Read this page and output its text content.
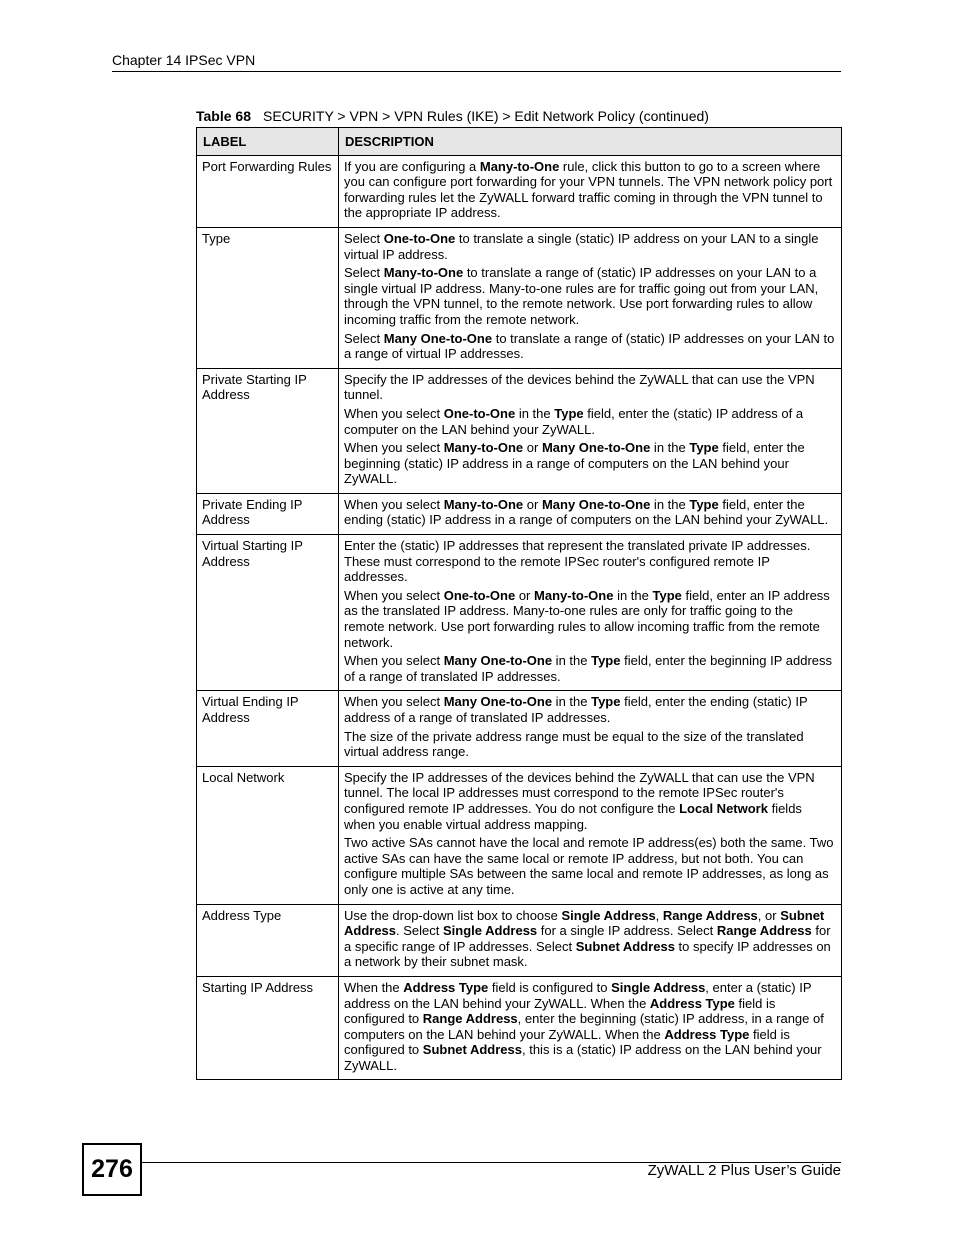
Chapter 14 IPSec VPN
Table 68 SECURITY > VPN > VPN Rules (IKE) > Edit Network Policy (continued)
LABEL	DESCRIPTION
Port Forwarding Rules	If you are configuring a Many-to-One rule, click this button to go to a screen where you can configure port forwarding for your VPN tunnels. The VPN network policy port forwarding rules let the ZyWALL forward traffic coming in through the VPN tunnel to the appropriate IP address.

Type	Select One-to-One to translate a single (static) IP address on your LAN to a single virtual IP address.

Select Many-to-One to translate a range of (static) IP addresses on your LAN to a single virtual IP address. Many-to-one rules are for traffic going out from your LAN, through the VPN tunnel, to the remote network. Use port forwarding rules to allow incoming traffic from the remote network.

Select Many One-to-One to translate a range of (static) IP addresses on your LAN to a range of virtual IP addresses.

Private Starting IP Address	Specify the IP addresses of the devices behind the ZyWALL that can use the VPN tunnel.

When you select One-to-One in the Type field, enter the (static) IP address of a computer on the LAN behind your ZyWALL.

When you select Many-to-One or Many One-to-One in the Type field, enter the beginning (static) IP address in a range of computers on the LAN behind your ZyWALL.

Private Ending IP Address	When you select Many-to-One or Many One-to-One in the Type field, enter the ending (static) IP address in a range of computers on the LAN behind your ZyWALL.

Virtual Starting IP Address	Enter the (static) IP addresses that represent the translated private IP addresses. These must correspond to the remote IPSec router's configured remote IP addresses.

When you select One-to-One or Many-to-One in the Type field, enter an IP address as the translated IP address. Many-to-one rules are only for traffic going to the remote network. Use port forwarding rules to allow incoming traffic from the remote network.

When you select Many One-to-One in the Type field, enter the beginning IP address of a range of translated IP addresses.

Virtual Ending IP Address	When you select Many One-to-One in the Type field, enter the ending (static) IP address of a range of translated IP addresses.

The size of the private address range must be equal to the size of the translated virtual address range.

Local Network	Specify the IP addresses of the devices behind the ZyWALL that can use the VPN tunnel. The local IP addresses must correspond to the remote IPSec router's configured remote IP addresses. You do not configure the Local Network fields when you enable virtual address mapping.

Two active SAs cannot have the local and remote IP address(es) both the same. Two active SAs can have the same local or remote IP address, but not both. You can configure multiple SAs between the same local and remote IP addresses, as long as only one is active at any time.

Address Type	Use the drop-down list box to choose Single Address, Range Address, or Subnet Address. Select Single Address for a single IP address. Select Range Address for a specific range of IP addresses. Select Subnet Address to specify IP addresses on a network by their subnet mask.

Starting IP Address	When the Address Type field is configured to Single Address, enter a (static) IP address on the LAN behind your ZyWALL. When the Address Type field is configured to Range Address, enter the beginning (static) IP address, in a range of computers on the LAN behind your ZyWALL. When the Address Type field is configured to Subnet Address, this is a (static) IP address on the LAN behind your ZyWALL.

276	ZyWALL 2 Plus User’s Guide
